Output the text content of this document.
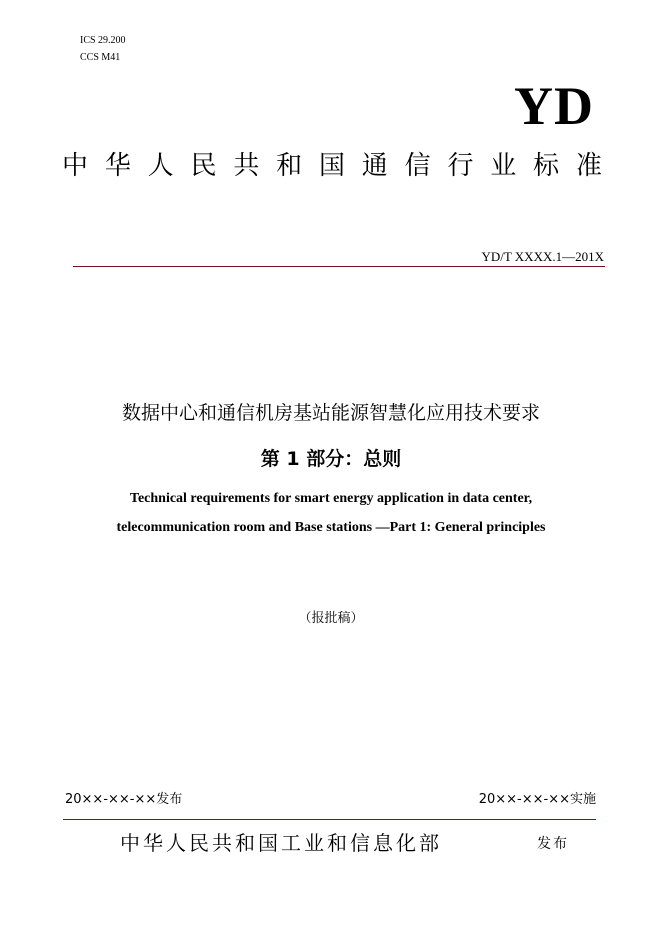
ICS 29.200
CCS M41
YD
中 华 人 民 共 和 国 通 信 行 业 标 准
YD/T XXXX.1—201X
数据中心和通信机房基站能源智慧化应用技术要求
第 1 部分：总则
Technical requirements for smart energy application in data center,
telecommunication room and Base stations —Part 1: General principles
（报批稿）
20××-××-××发布	20××-××-××实施
中华人民共和国工业和信息化部	发布
